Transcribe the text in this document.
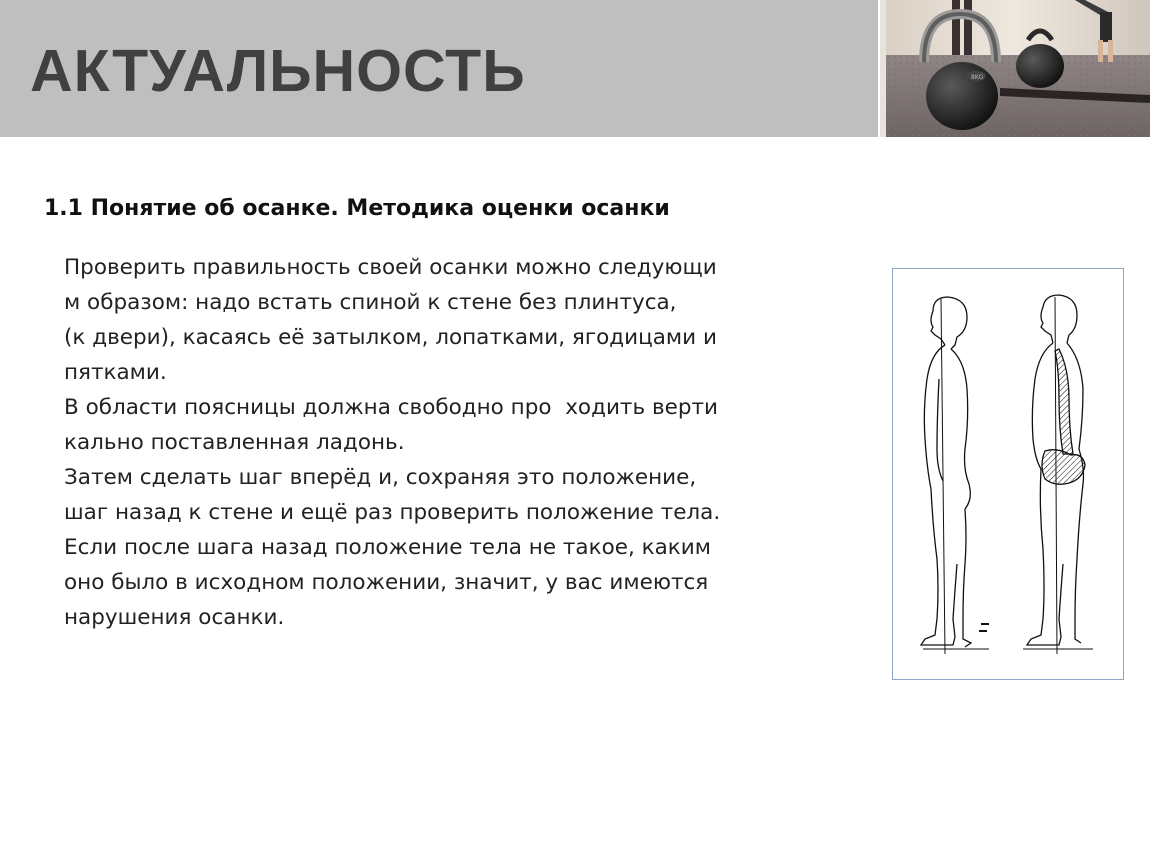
АКТУАЛЬНОСТЬ	8KG
1.1 Понятие об осанке. Методика оценки осанки
Проверить правильность своей осанки можно следующи
м образом: надо встать спиной к стене без плинтуса,
(к двери), касаясь её затылком, лопатками, ягодицами и
пятками.
В области поясницы должна свободно про  ходить верти
кально поставленная ладонь.
Затем сделать шаг вперёд и, сохраняя это положение,
шаг назад к стене и ещё раз проверить положение тела.
Если после шага назад положение тела не такое, каким
оно было в исходном положении, значит, у вас имеются
нарушения осанки.
